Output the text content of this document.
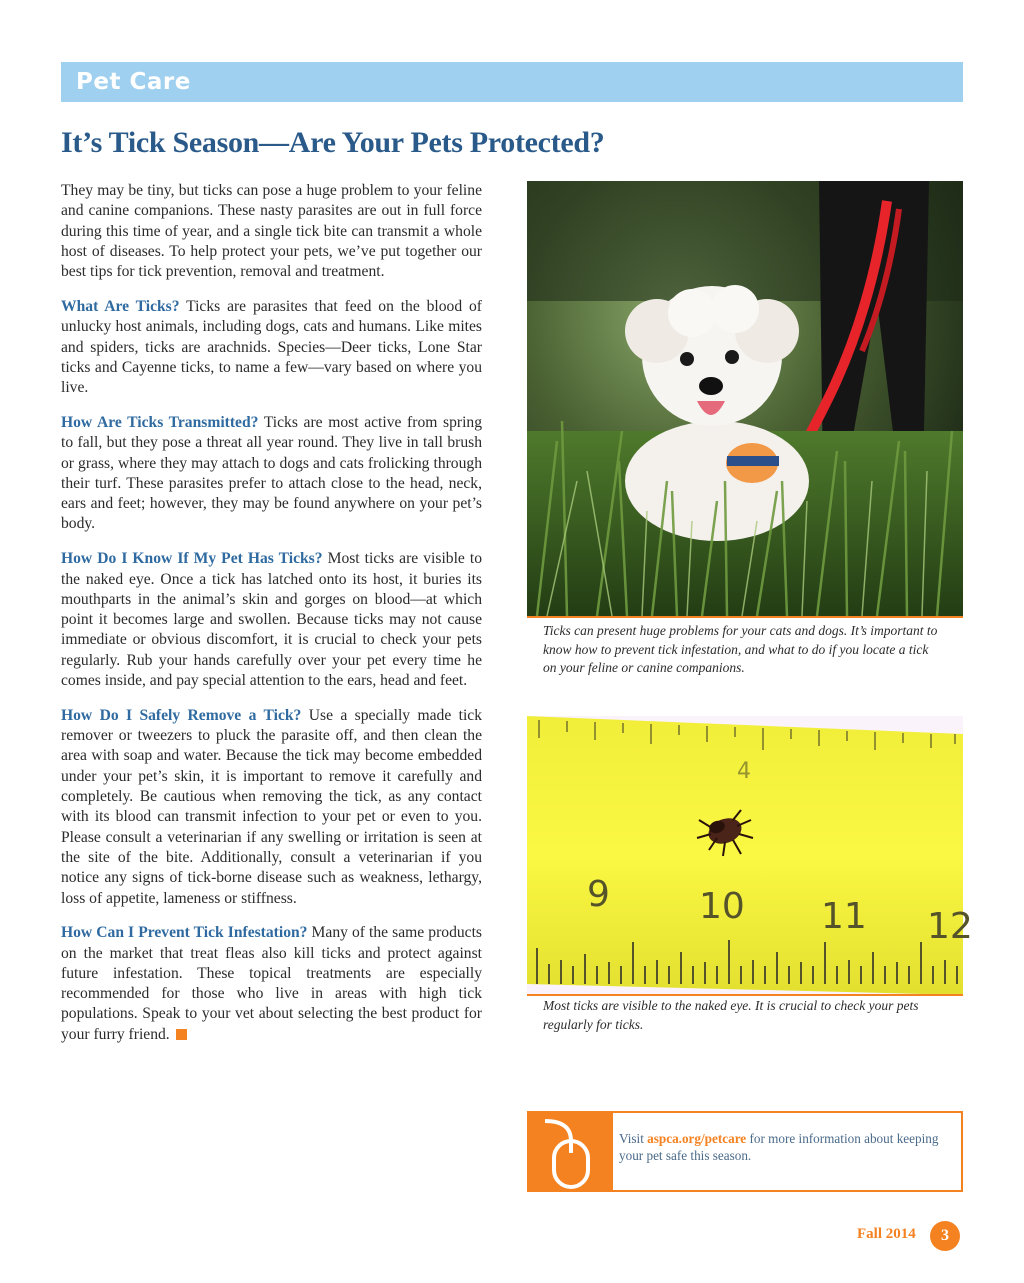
Pet Care
It’s Tick Season—Are Your Pets Protected?

They may be tiny, but ticks can pose a huge problem to your feline and canine companions. These nasty parasites are out in full force during this time of year, and a single tick bite can transmit a whole host of diseases. To help protect your pets, we’ve put together our best tips for tick prevention, removal and treatment.

What Are Ticks? Ticks are parasites that feed on the blood of unlucky host animals, including dogs, cats and humans. Like mites and spiders, ticks are arachnids. Species—Deer ticks, Lone Star ticks and Cayenne ticks, to name a few—vary based on where you live.

How Are Ticks Transmitted? Ticks are most active from spring to fall, but they pose a threat all year round. They live in tall brush or grass, where they may attach to dogs and cats frolicking through their turf. These parasites prefer to attach close to the head, neck, ears and feet; however, they may be found anywhere on your pet’s body.

How Do I Know If My Pet Has Ticks? Most ticks are visible to the naked eye. Once a tick has latched onto its host, it buries its mouthparts in the animal’s skin and gorges on blood—at which point it becomes large and swollen. Because ticks may not cause immediate or obvious discomfort, it is crucial to check your pets regularly. Rub your hands carefully over your pet every time he comes inside, and pay special attention to the ears, head and feet.

How Do I Safely Remove a Tick? Use a specially made tick remover or tweezers to pluck the parasite off, and then clean the area with soap and water. Because the tick may become embedded under your pet’s skin, it is important to remove it carefully and completely. Be cautious when removing the tick, as any contact with its blood can transmit infection to your pet or even to you. Please consult a veterinarian if any swelling or irritation is seen at the site of the bite. Additionally, consult a veterinarian if you notice any signs of tick-borne disease such as weakness, lethargy, loss of appetite, lameness or stiffness.

How Can I Prevent Tick Infestation? Many of the same products on the market that treat fleas also kill ticks and protect against future infestation. These topical treatments are especially recommended for those who live in areas with high tick populations. Speak to your vet about selecting the best product for your furry friend.

Ticks can present huge problems for your cats and dogs. It’s important to
know how to prevent tick infestation, and what to do if you locate a tick
on your feline or canine companions.

4
9 10 11 12

Most ticks are visible to the naked eye. It is crucial to check your pets
regularly for ticks.

Visit aspca.org/petcare for more information about keeping your pet safe this season.
Fall 2014	3
